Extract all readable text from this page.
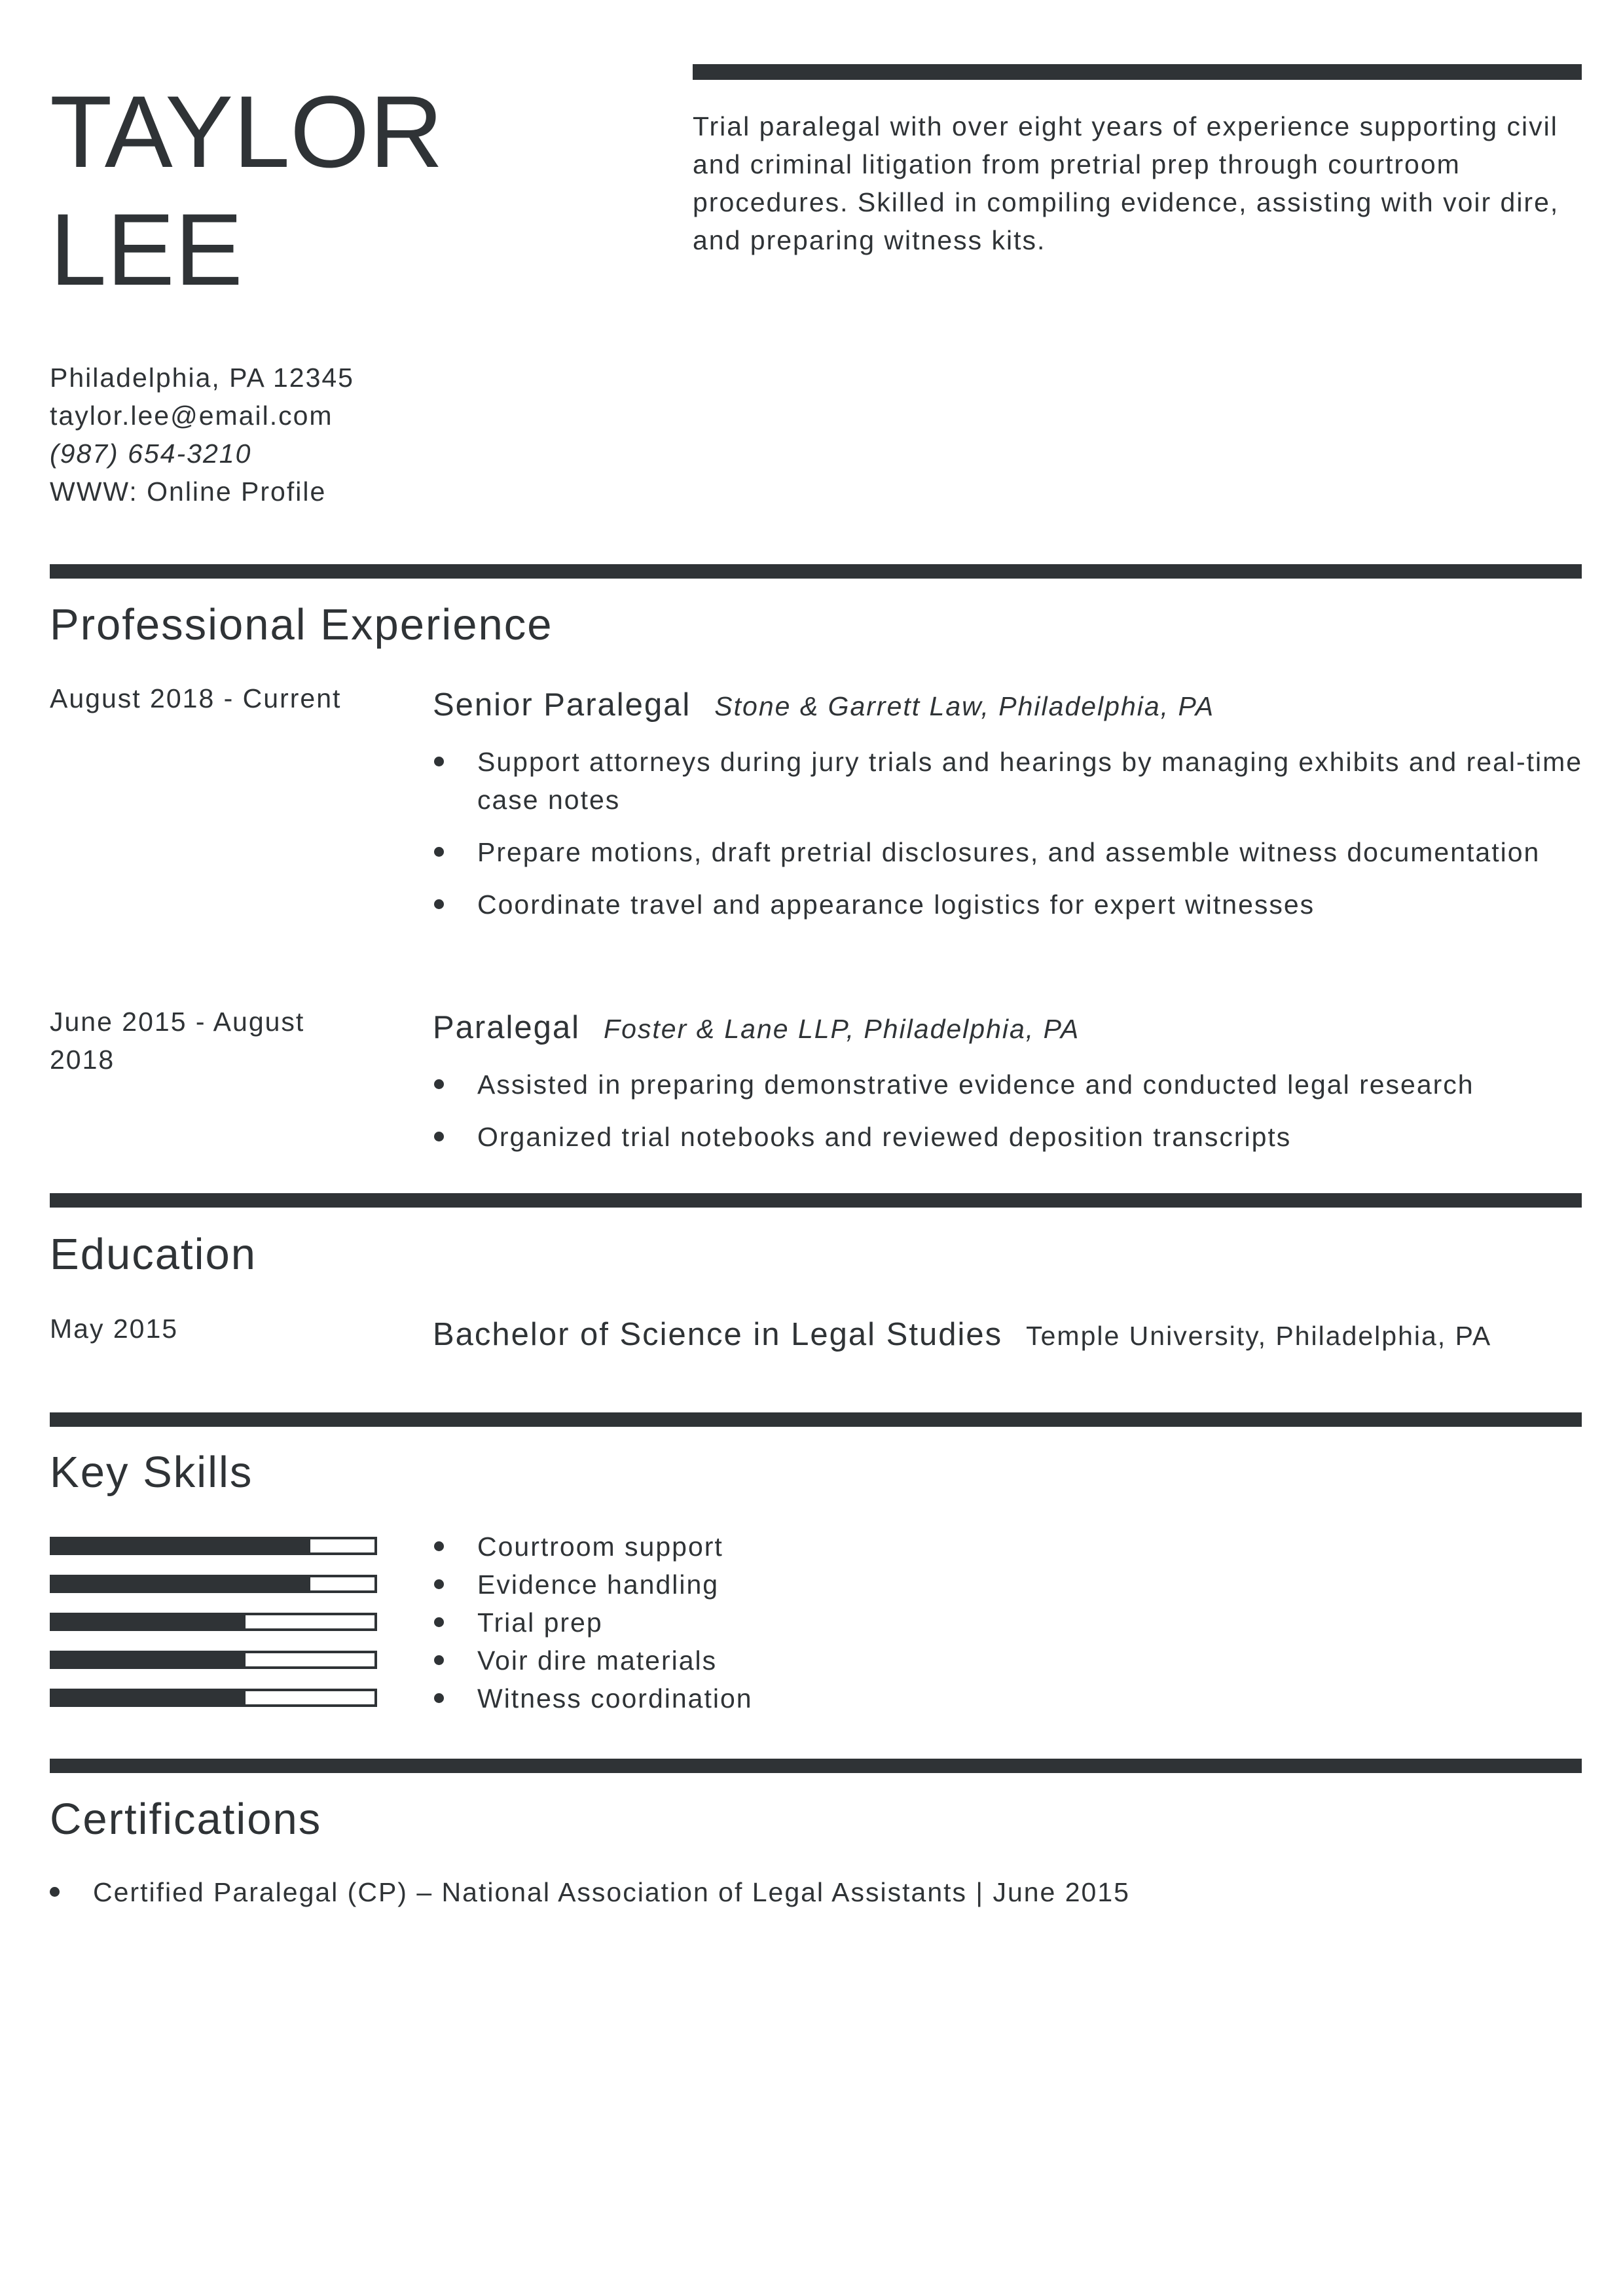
TAYLOR
LEE
Philadelphia, PA 12345
taylor.lee@email.com
(987) 654-3210
WWW: Online Profile
Trial paralegal with over eight years of experience supporting civil and criminal litigation from pretrial prep through courtroom procedures. Skilled in compiling evidence, assisting with voir dire, and preparing witness kits.
Professional Experience
August 2018 - Current	Senior Paralegal Stone & Garrett Law, Philadelphia, PA
Support attorneys during jury trials and hearings by managing exhibits and real-time case notes
Prepare motions, draft pretrial disclosures, and assemble witness documentation
Coordinate travel and appearance logistics for expert witnesses
June 2015 - August 2018
Paralegal Foster & Lane LLP, Philadelphia, PA
Assisted in preparing demonstrative evidence and conducted legal research
Organized trial notebooks and reviewed deposition transcripts
Education
May 2015	Bachelor of Science in Legal Studies Temple University, Philadelphia, PA
Key Skills
Courtroom support
Evidence handling
Trial prep
Voir dire materials
Witness coordination
Certifications
Certified Paralegal (CP) – National Association of Legal Assistants | June 2015
